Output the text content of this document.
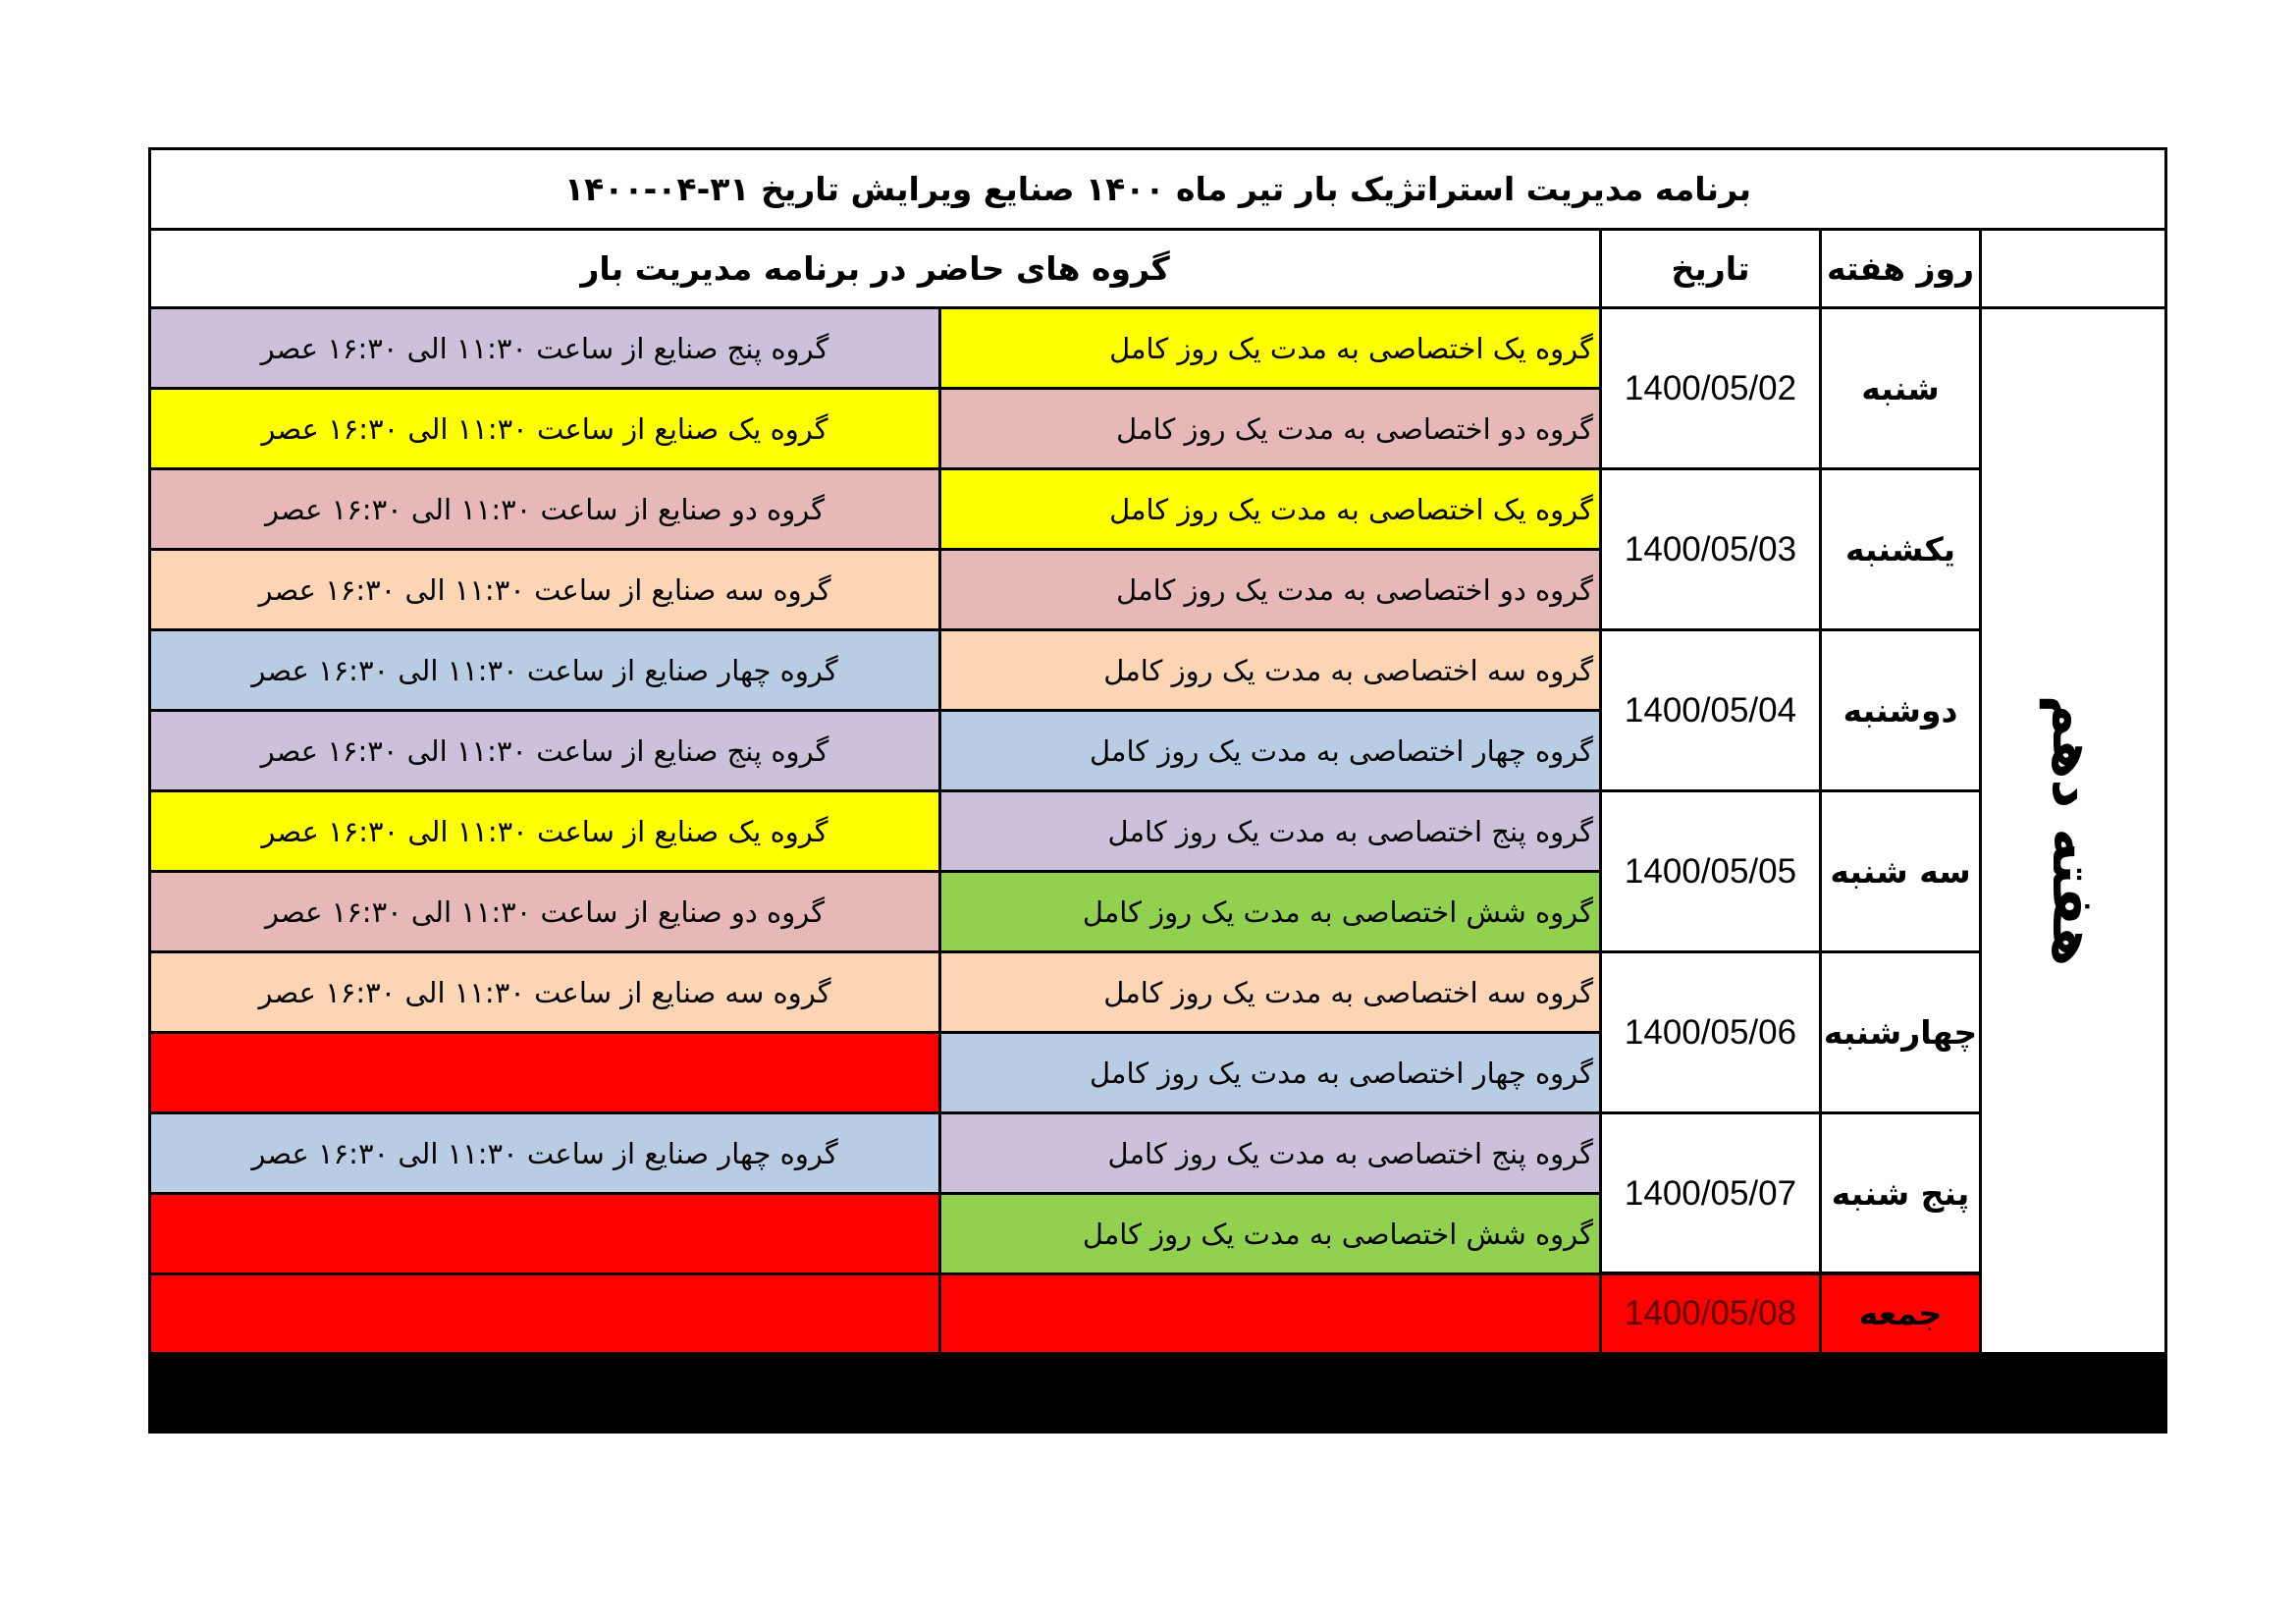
برنامه مدیریت استراتژیک بار تیر ماه ۱۴۰۰ صنایع ویرایش تاریخ ۳۱-۰۴-۱۴۰۰
روز هفته
تاریخ
گروه های حاضر در برنامه مدیریت بار
هفته دهم
جمعه
1400/05/08
شنبه
1400/05/02
گروه یک اختصاصی به مدت یک روز کامل
گروه پنج صنایع از ساعت ۱۱:۳۰ الی ۱۶:۳۰ عصر
گروه دو اختصاصی به مدت یک روز کامل
گروه یک صنایع از ساعت ۱۱:۳۰ الی ۱۶:۳۰ عصر
یکشنبه
1400/05/03
گروه یک اختصاصی به مدت یک روز کامل
گروه دو صنایع از ساعت ۱۱:۳۰ الی ۱۶:۳۰ عصر
گروه دو اختصاصی به مدت یک روز کامل
گروه سه صنایع از ساعت ۱۱:۳۰ الی ۱۶:۳۰ عصر
دوشنبه
1400/05/04
گروه سه اختصاصی به مدت یک روز کامل
گروه چهار صنایع از ساعت ۱۱:۳۰ الی ۱۶:۳۰ عصر
گروه چهار اختصاصی به مدت یک روز کامل
گروه پنج صنایع از ساعت ۱۱:۳۰ الی ۱۶:۳۰ عصر
سه شنبه
1400/05/05
گروه پنج اختصاصی به مدت یک روز کامل
گروه یک صنایع از ساعت ۱۱:۳۰ الی ۱۶:۳۰ عصر
گروه شش اختصاصی به مدت یک روز کامل
گروه دو صنایع از ساعت ۱۱:۳۰ الی ۱۶:۳۰ عصر
چهارشنبه
1400/05/06
گروه سه اختصاصی به مدت یک روز کامل
گروه سه صنایع از ساعت ۱۱:۳۰ الی ۱۶:۳۰ عصر
گروه چهار اختصاصی به مدت یک روز کامل
پنج شنبه
1400/05/07
گروه پنج اختصاصی به مدت یک روز کامل
گروه چهار صنایع از ساعت ۱۱:۳۰ الی ۱۶:۳۰ عصر
گروه شش اختصاصی به مدت یک روز کامل
